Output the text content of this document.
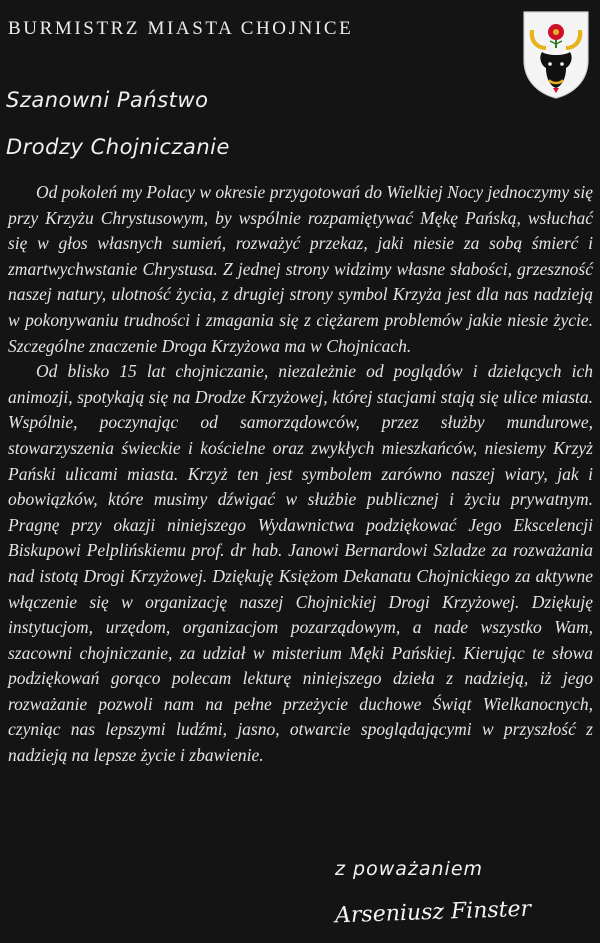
BURMISTRZ MIASTA CHOJNICE
Szanowni Państwo
Drodzy Chojniczanie

Od pokoleń my Polacy w okresie przygotowań do Wielkiej Nocy jednoczymy się przy Krzyżu Chrystusowym, by wspólnie rozpamiętywać Mękę Pańską, wsłuchać się w głos własnych sumień, rozważyć przekaz, jaki niesie za sobą śmierć i zmartwychwstanie Chrystusa. Z jednej strony widzimy własne słabości, grzeszność naszej natury, ulotność życia, z drugiej strony symbol Krzyża jest dla nas nadzieją w pokonywaniu trudności i zmagania się z ciężarem problemów jakie niesie życie. Szczególne znaczenie Droga Krzyżowa ma w Chojnicach.

Od blisko 15 lat chojniczanie, niezależnie od poglądów i dzielących ich animozji, spotykają się na Drodze Krzyżowej, której stacjami stają się ulice miasta. Wspólnie, poczynając od samorządowców, przez służby mundurowe, stowarzyszenia świeckie i kościelne oraz zwykłych mieszkańców, niesiemy Krzyż Pański ulicami miasta. Krzyż ten jest symbolem zarówno naszej wiary, jak i obowiązków, które musimy dźwigać w służbie publicznej i życiu prywatnym. Pragnę przy okazji niniejszego Wydawnictwa podziękować Jego Ekscelencji Biskupowi Pelplińskiemu prof. dr hab. Janowi Bernardowi Szladze za rozważania nad istotą Drogi Krzyżowej. Dziękuję Księżom Dekanatu Chojnickiego za aktywne włączenie się w organizację naszej Chojnickiej Drogi Krzyżowej. Dziękuję instytucjom, urzędom, organizacjom pozarządowym, a nade wszystko Wam, szacowni chojniczanie, za udział w misterium Męki Pańskiej. Kierując te słowa podziękowań gorąco polecam lekturę niniejszego dzieła z nadzieją, iż jego rozważanie pozwoli nam na pełne przeżycie duchowe Świąt Wielkanocnych, czyniąc nas lepszymi ludźmi, jasno, otwarcie spoglądającymi w przyszłość z nadzieją na lepsze życie i zbawienie.

z poważaniem
Arseniusz Finster
